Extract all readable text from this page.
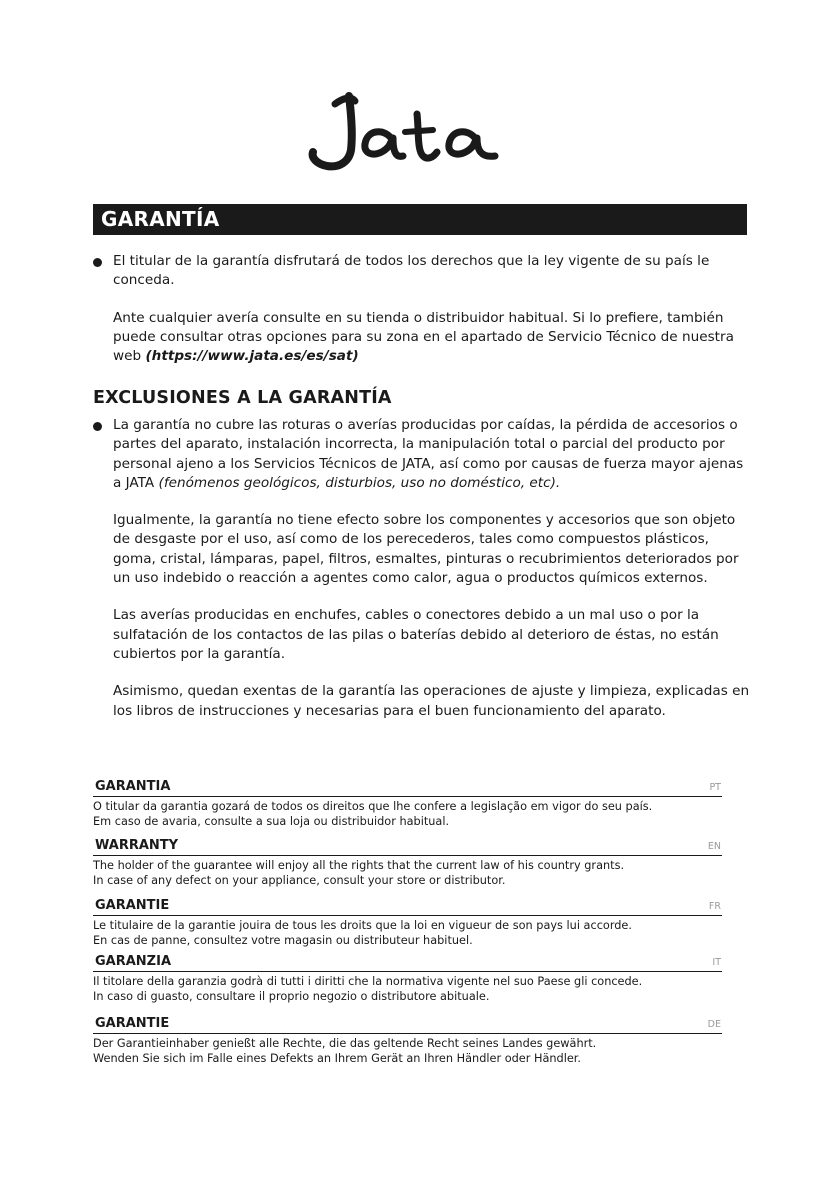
GARANTÍA

El titular de la garantía disfrutará de todos los derechos que la ley vigente de su país le conceda.

Ante cualquier avería consulte en su tienda o distribuidor habitual. Si lo prefiere, también puede consultar otras opciones para su zona en el apartado de Servicio Técnico de nuestra web (https://www.jata.es/es/sat)

EXCLUSIONES A LA GARANTÍA

La garantía no cubre las roturas o averías producidas por caídas, la pérdida de accesorios o partes del aparato, instalación incorrecta, la manipulación total o parcial del producto por personal ajeno a los Servicios Técnicos de JATA, así como por causas de fuerza mayor ajenas a JATA (fenómenos geológicos, disturbios, uso no doméstico, etc).

Igualmente, la garantía no tiene efecto sobre los componentes y accesorios que son objeto de desgaste por el uso, así como de los perecederos, tales como compuestos plásticos, goma, cristal, lámparas, papel, filtros, esmaltes, pinturas o recubrimientos deteriorados por un uso indebido o reacción a agentes como calor, agua o productos químicos externos.

Las averías producidas en enchufes, cables o conectores debido a un mal uso o por la sulfatación de los contactos de las pilas o baterías debido al deterioro de éstas, no están cubiertos por la garantía.

Asimismo, quedan exentas de la garantía las operaciones de ajuste y limpieza, explicadas en los libros de instrucciones y necesarias para el buen funcionamiento del aparato.

GARANTIA	PT
O titular da garantia gozará de todos os direitos que lhe confere a legislação em vigor do seu país.
Em caso de avaria, consulte a sua loja ou distribuidor habitual.
WARRANTY	EN
The holder of the guarantee will enjoy all the rights that the current law of his country grants.
In case of any defect on your appliance, consult your store or distributor.
GARANTIE	FR
Le titulaire de la garantie jouira de tous les droits que la loi en vigueur de son pays lui accorde.
En cas de panne, consultez votre magasin ou distributeur habituel.
GARANZIA	IT
Il titolare della garanzia godrà di tutti i diritti che la normativa vigente nel suo Paese gli concede.
In caso di guasto, consultare il proprio negozio o distributore abituale.
GARANTIE	DE
Der Garantieinhaber genießt alle Rechte, die das geltende Recht seines Landes gewährt.
Wenden Sie sich im Falle eines Defekts an Ihrem Gerät an Ihren Händler oder Händler.
